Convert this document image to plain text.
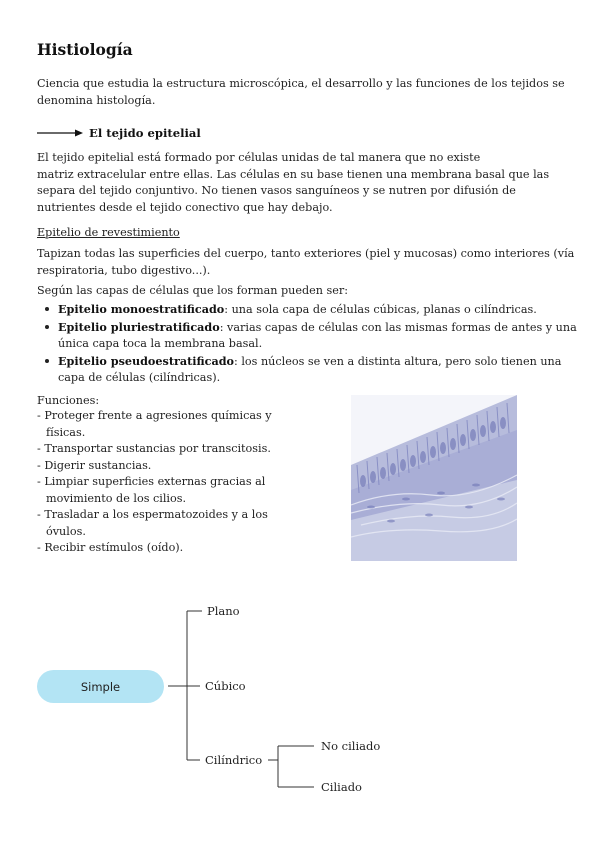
Histiología
Ciencia que estudia la estructura microscópica, el desarrollo y las funciones de los tejidos se denomina histología.
El tejido epitelial
El tejido epitelial está formado por células unidas de tal manera que no existe
matriz extracelular entre ellas. Las células en su base tienen una membrana basal que las separa del tejido conjuntivo. No tienen vasos sanguíneos y se nutren por difusión de nutrientes desde el tejido conectivo que hay debajo.
Epitelio de revestimiento
Tapizan todas las superficies del cuerpo, tanto exteriores (piel y mucosas) como interiores (vía respiratoria, tubo digestivo...).
Según las capas de células que los forman pueden ser:
Epitelio monoestratificado: una sola capa de células cúbicas, planas o cilíndricas.
Epitelio pluriestratificado: varias capas de células con las mismas formas de antes y una única capa toca la membrana basal.
Epitelio pseudoestratificado: los núcleos se ven a distinta altura, pero solo tienen una capa de células (cilíndricas).
Funciones:
- Proteger frente a agresiones químicas y físicas.
- Transportar sustancias por transcitosis.
- Digerir sustancias.
- Limpiar superficies externas gracias al movimiento de los cilios.
- Trasladar a los espermatozoides y a los óvulos.
- Recibir estímulos (oído).
Simple
Plano
Cúbico
Cilíndrico
No ciliado
Ciliado
